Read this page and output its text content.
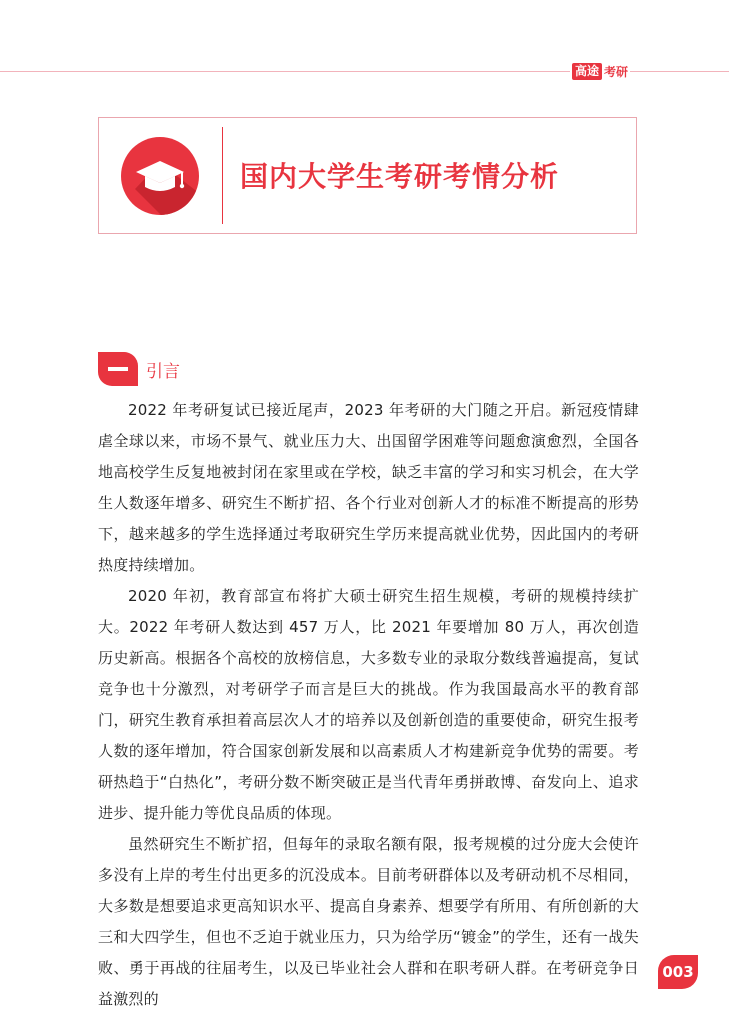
高途 考研
国内大学生考研考情分析
引言

2022 年考研复试已接近尾声，2023 年考研的大门随之开启。新冠疫情肆虐全球以来，市场不景气、就业压力大、出国留学困难等问题愈演愈烈，全国各地高校学生反复地被封闭在家里或在学校，缺乏丰富的学习和实习机会，在大学生人数逐年增多、研究生不断扩招、各个行业对创新人才的标准不断提高的形势下，越来越多的学生选择通过考取研究生学历来提高就业优势，因此国内的考研热度持续增加。

2020 年初，教育部宣布将扩大硕士研究生招生规模，考研的规模持续扩大。2022 年考研人数达到 457 万人，比 2021 年要增加 80 万人，再次创造历史新高。根据各个高校的放榜信息，大多数专业的录取分数线普遍提高，复试竞争也十分激烈，对考研学子而言是巨大的挑战。作为我国最高水平的教育部门，研究生教育承担着高层次人才的培养以及创新创造的重要使命，研究生报考人数的逐年增加，符合国家创新发展和以高素质人才构建新竞争优势的需要。考研热趋于“白热化”，考研分数不断突破正是当代青年勇拼敢博、奋发向上、追求进步、提升能力等优良品质的体现。

虽然研究生不断扩招，但每年的录取名额有限，报考规模的过分庞大会使许多没有上岸的考生付出更多的沉没成本。目前考研群体以及考研动机不尽相同，大多数是想要追求更高知识水平、提高自身素养、想要学有所用、有所创新的大三和大四学生，但也不乏迫于就业压力，只为给学历“镀金”的学生，还有一战失败、勇于再战的往届考生，以及已毕业社会人群和在职考研人群。在考研竞争日益激烈的

003
